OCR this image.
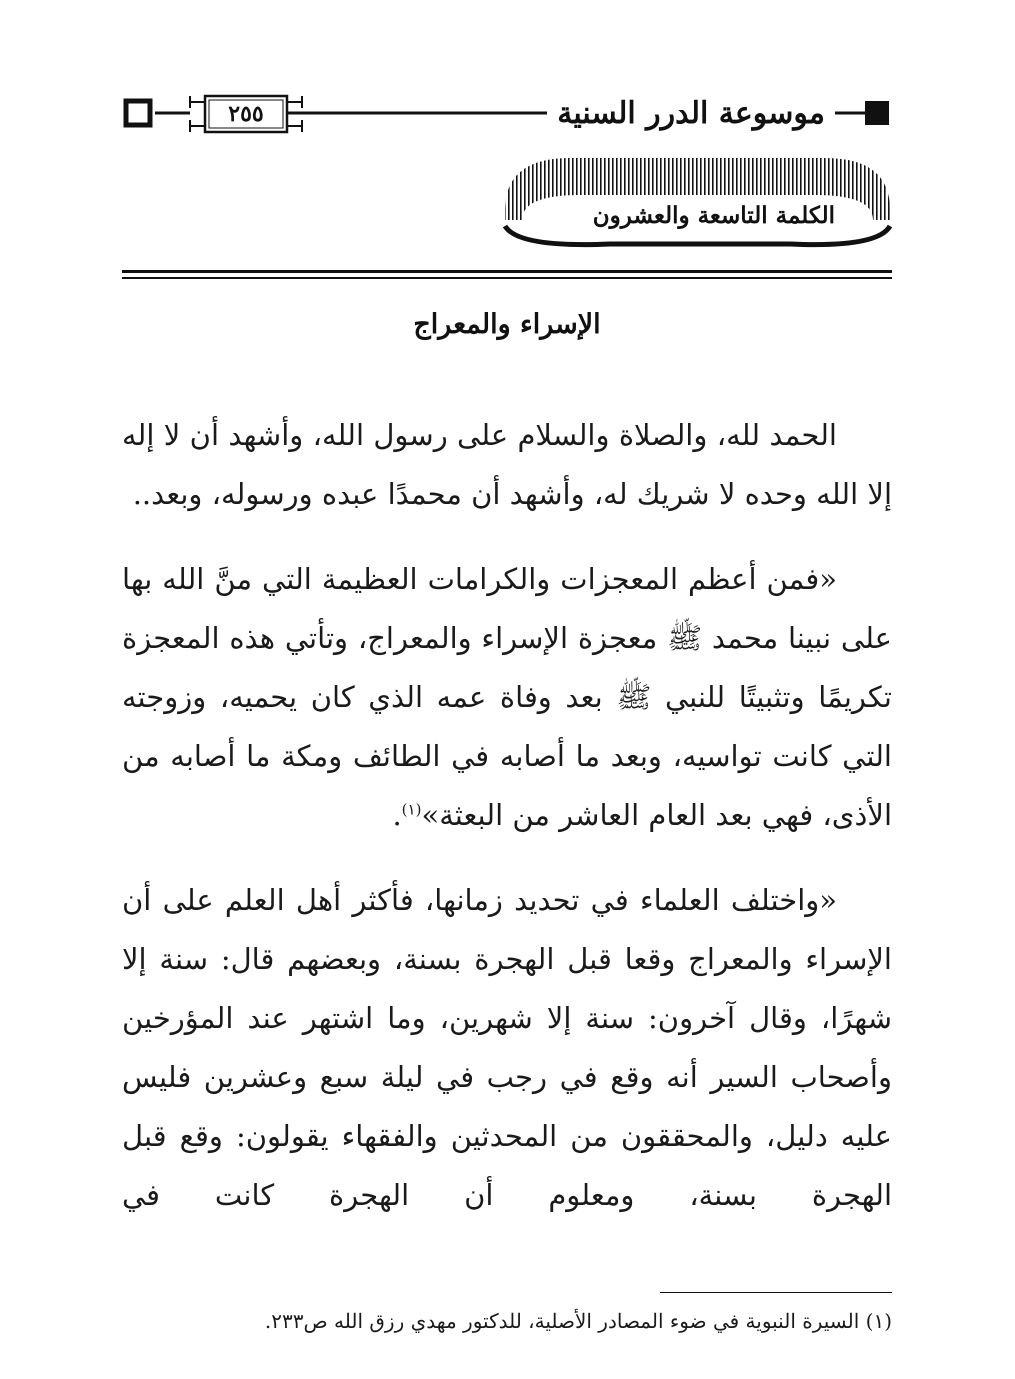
موسوعة الدرر السنية
٢٥٥
الكلمة التاسعة والعشرون
الإسراء والمعراج

الحمد لله، والصلاة والسلام على رسول الله، وأشهد أن لا إله إلا الله وحده لا شريك له، وأشهد أن محمدًا عبده ورسوله، وبعد..

«فمن أعظم المعجزات والكرامات العظيمة التي منَّ الله بها على نبينا محمد ﷺ معجزة الإسراء والمعراج، وتأتي هذه المعجزة تكريمًا وتثبيتًا للنبي ﷺ بعد وفاة عمه الذي كان يحميه، وزوجته التي كانت تواسيه، وبعد ما أصابه في الطائف ومكة ما أصابه من الأذى، فهي بعد العام العاشر من البعثة»$^{(١)}$.

«واختلف العلماء في تحديد زمانها، فأكثر أهل العلم على أن الإسراء والمعراج وقعا قبل الهجرة بسنة، وبعضهم قال: سنة إلا شهرًا، وقال آخرون: سنة إلا شهرين، وما اشتهر عند المؤرخين وأصحاب السير أنه وقع في رجب في ليلة سبع وعشرين فليس عليه دليل، والمحققون من المحدثين والفقهاء يقولون: وقع قبل الهجرة بسنة، ومعلوم أن الهجرة كانت في

(١) السيرة النبوية في ضوء المصادر الأصلية، للدكتور مهدي رزق الله ص٢٣٣.
